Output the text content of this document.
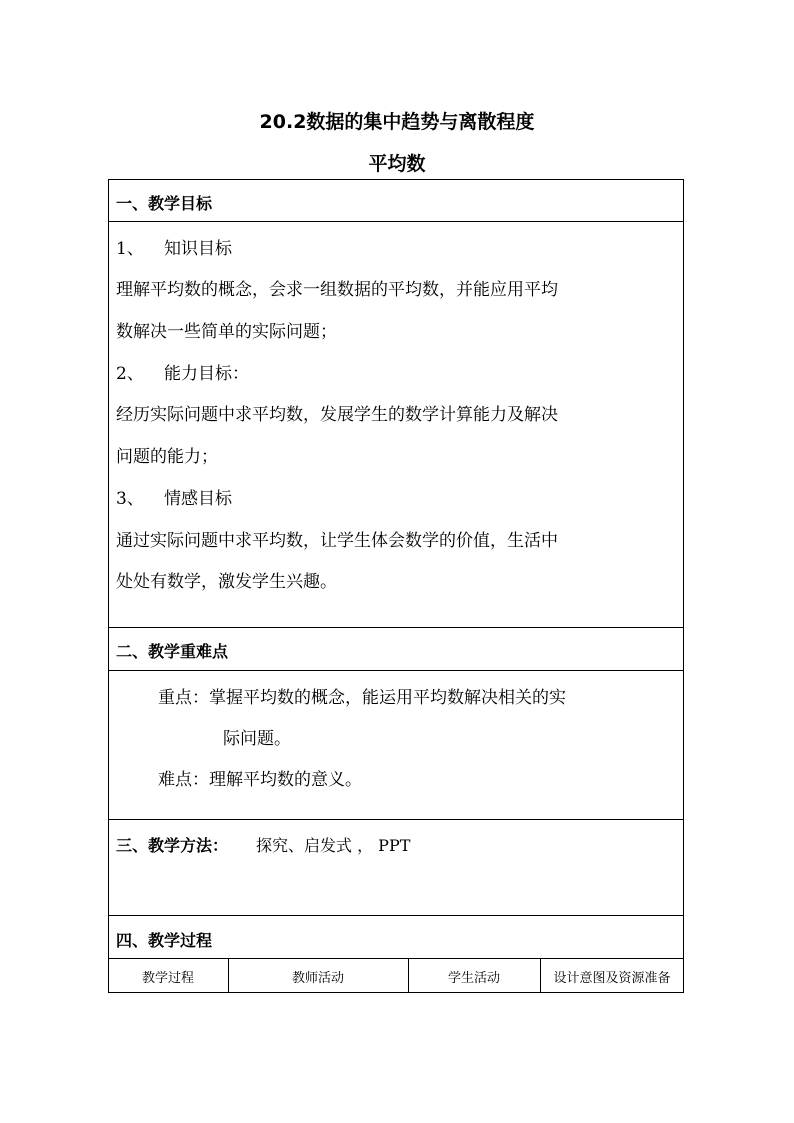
20.2数据的集中趋势与离散程度
平均数
一、教学目标
1、 知识目标
理解平均数的概念，会求一组数据的平均数，并能应用平均
数解决一些简单的实际问题；
2、 能力目标：
经历实际问题中求平均数，发展学生的数学计算能力及解决
问题的能力；
3、 情感目标
通过实际问题中求平均数，让学生体会数学的价值，生活中
处处有数学，激发学生兴趣。
二、教学重难点
重点：掌握平均数的概念，能运用平均数解决相关的实
际问题。
难点：理解平均数的意义。
三、教学方法： 探究、启发式 ， PPT
四、教学过程
教学过程	教师活动	学生活动	设计意图及资源准备
